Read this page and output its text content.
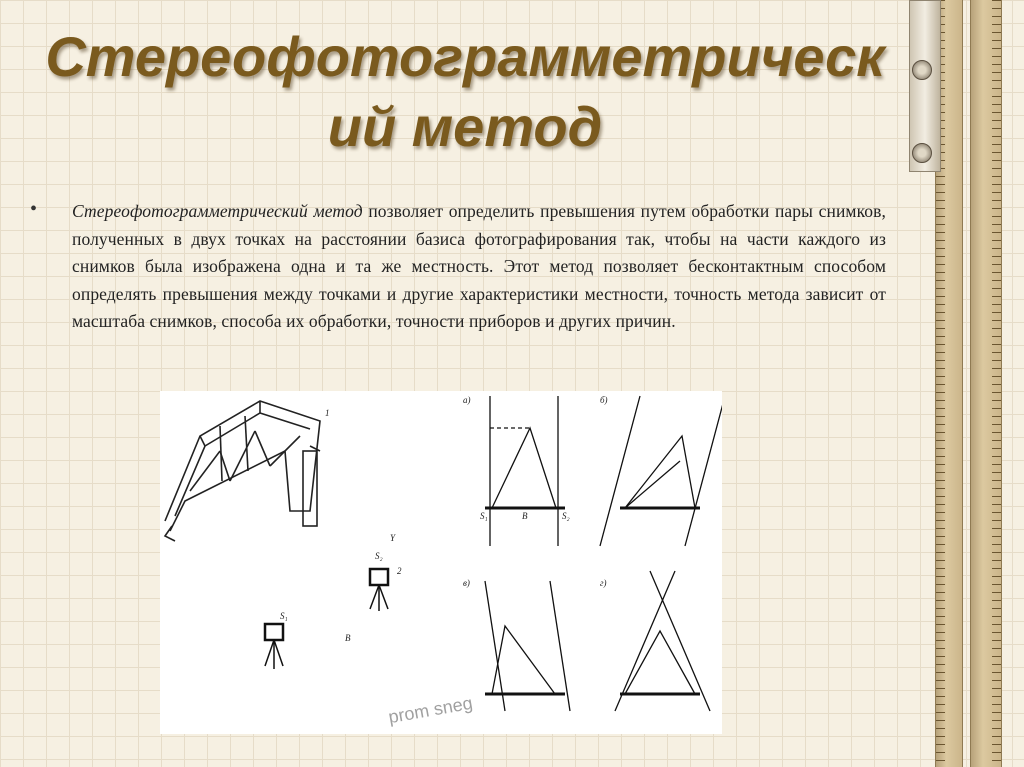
Стереофотограмметрический метод
• Стереофотограмметрический метод позволяет определить превышения путем обработки пары снимков, полученных в двух точках на расстоянии базиса фотографирования так, чтобы на части каждого из снимков была изображена одна и та же местность. Этот метод позволяет бесконтактным способом определять превышения между точками и другие характеристики местности, точность метода зависит от масштаба снимков, способа их обработки, точности приборов и других причин.
1
2
Y
S₁
S₂
B
а)	б)
в)	г)
S₁	B	S₂
prom sneg
